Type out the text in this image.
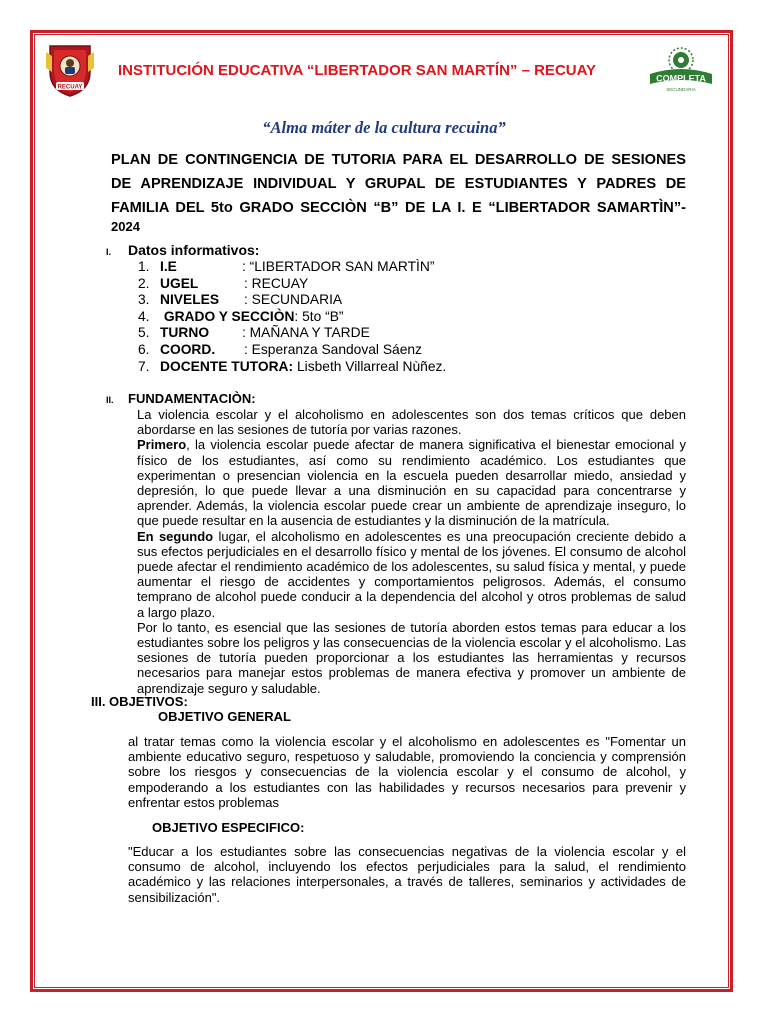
RECUAY
INSTITUCIÓN EDUCATIVA “LIBERTADOR SAN MARTÍN” – RECUAY	COMPLETA
SECUNDARIA
“Alma máter de la cultura recuina”
PLAN DE CONTINGENCIA DE TUTORIA PARA EL DESARROLLO DE SESIONES
DE APRENDIZAJE INDIVIDUAL Y GRUPAL DE ESTUDIANTES Y PADRES DE
FAMILIA DEL 5to GRADO SECCIÒN “B” DE LA I. E “LIBERTADOR SAMARTÌN”-
2024
I. Datos informativos:
1. I.E	: “LIBERTADOR SAN MARTÌN”
2. UGEL	: RECUAY
3. NIVELES : SECUNDARIA
4. GRADO Y SECCIÒN: 5to “B”
5. TURNO : MAÑANA Y TARDE
6. COORD. : Esperanza Sandoval Sáenz
7. DOCENTE TUTORA: Lisbeth Villarreal Nùñez.
II. FUNDAMENTACIÒN:
La violencia escolar y el alcoholismo en adolescentes son dos temas críticos que deben abordarse en las sesiones de tutoría por varias razones.
Primero, la violencia escolar puede afectar de manera significativa el bienestar emocional y físico de los estudiantes, así como su rendimiento académico. Los estudiantes que experimentan o presencian violencia en la escuela pueden desarrollar miedo, ansiedad y depresión, lo que puede llevar a una disminución en su capacidad para concentrarse y aprender. Además, la violencia escolar puede crear un ambiente de aprendizaje inseguro, lo que puede resultar en la ausencia de estudiantes y la disminución de la matrícula.
En segundo lugar, el alcoholismo en adolescentes es una preocupación creciente debido a sus efectos perjudiciales en el desarrollo físico y mental de los jóvenes. El consumo de alcohol puede afectar el rendimiento académico de los adolescentes, su salud física y mental, y puede aumentar el riesgo de accidentes y comportamientos peligrosos. Además, el consumo temprano de alcohol puede conducir a la dependencia del alcohol y otros problemas de salud a largo plazo.
Por lo tanto, es esencial que las sesiones de tutoría aborden estos temas para educar a los estudiantes sobre los peligros y las consecuencias de la violencia escolar y el alcoholismo. Las sesiones de tutoría pueden proporcionar a los estudiantes las herramientas y recursos necesarios para manejar estos problemas de manera efectiva y promover un ambiente de aprendizaje seguro y saludable.
III. OBJETIVOS:
OBJETIVO GENERAL
al tratar temas como la violencia escolar y el alcoholismo en adolescentes es "Fomentar un ambiente educativo seguro, respetuoso y saludable, promoviendo la conciencia y comprensión sobre los riesgos y consecuencias de la violencia escolar y el consumo de alcohol, y empoderando a los estudiantes con las habilidades y recursos necesarios para prevenir y enfrentar estos problemas
OBJETIVO ESPECIFICO:
"Educar a los estudiantes sobre las consecuencias negativas de la violencia escolar y el consumo de alcohol, incluyendo los efectos perjudiciales para la salud, el rendimiento académico y las relaciones interpersonales, a través de talleres, seminarios y actividades de sensibilización".
